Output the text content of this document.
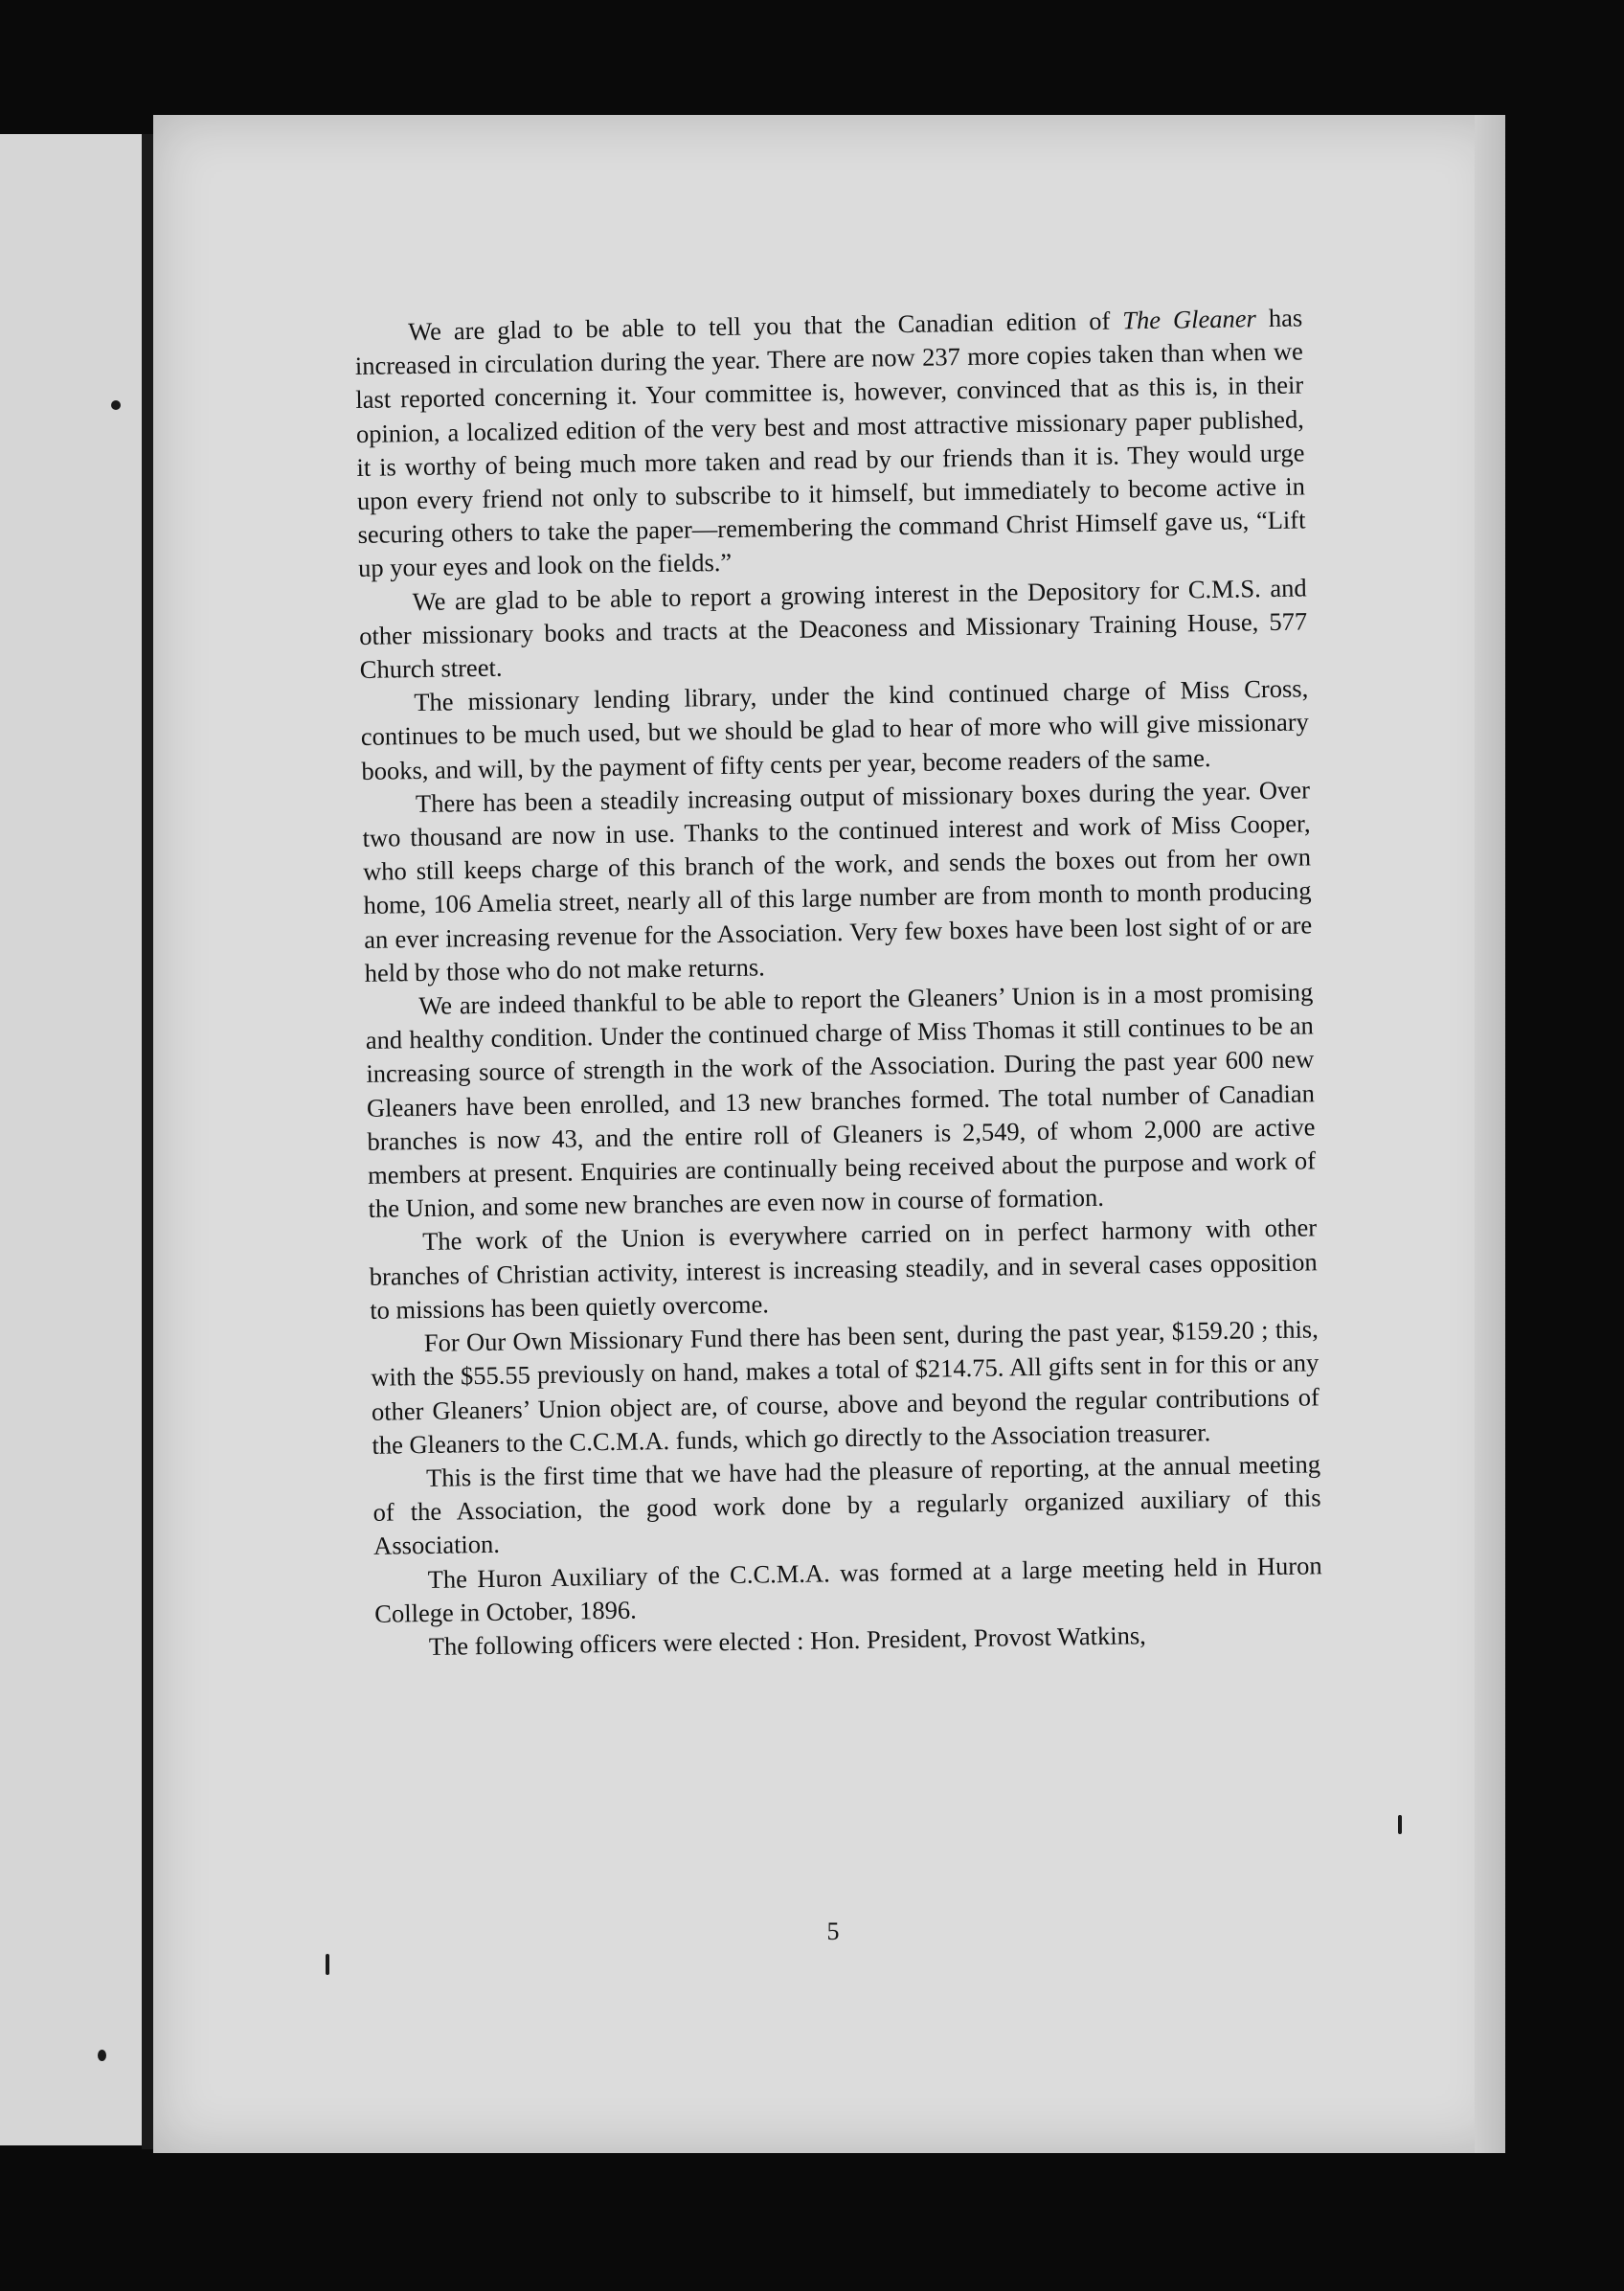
We are glad to be able to tell you that the Canadian edition of The Gleaner has increased in circulation during the year. There are now 237 more copies taken than when we last reported concerning it. Your committee is, however, convinced that as this is, in their opinion, a localized edition of the very best and most attractive missionary paper published, it is worthy of being much more taken and read by our friends than it is. They would urge upon every friend not only to subscribe to it himself, but immediately to become active in securing others to take the paper—remembering the command Christ Himself gave us, “Lift up your eyes and look on the fields.”

We are glad to be able to report a growing interest in the Depository for C.M.S. and other missionary books and tracts at the Deaconess and Missionary Training House, 577 Church street.

The missionary lending library, under the kind continued charge of Miss Cross, continues to be much used, but we should be glad to hear of more who will give missionary books, and will, by the payment of fifty cents per year, become readers of the same.

There has been a steadily increasing output of missionary boxes during the year. Over two thousand are now in use. Thanks to the continued interest and work of Miss Cooper, who still keeps charge of this branch of the work, and sends the boxes out from her own home, 106 Amelia street, nearly all of this large number are from month to month producing an ever increasing revenue for the Association. Very few boxes have been lost sight of or are held by those who do not make returns.

We are indeed thankful to be able to report the Gleaners’ Union is in a most promising and healthy condition. Under the continued charge of Miss Thomas it still continues to be an increasing source of strength in the work of the Association. During the past year 600 new Gleaners have been enrolled, and 13 new branches formed. The total number of Canadian branches is now 43, and the entire roll of Gleaners is 2,549, of whom 2,000 are active members at present. Enquiries are continually being received about the purpose and work of the Union, and some new branches are even now in course of formation.

The work of the Union is everywhere carried on in perfect harmony with other branches of Christian activity, interest is increasing steadily, and in several cases opposition to missions has been quietly overcome.

For Our Own Missionary Fund there has been sent, during the past year, $159.20 ; this, with the $55.55 previously on hand, makes a total of $214.75. All gifts sent in for this or any other Gleaners’ Union object are, of course, above and beyond the regular contributions of the Gleaners to the C.C.M.A. funds, which go directly to the Association treasurer.

This is the first time that we have had the pleasure of reporting, at the annual meeting of the Association, the good work done by a regularly organized auxiliary of this Association.

The Huron Auxiliary of the C.C.M.A. was formed at a large meeting held in Huron College in October, 1896.

The following officers were elected : Hon. President, Provost Watkins,

5
